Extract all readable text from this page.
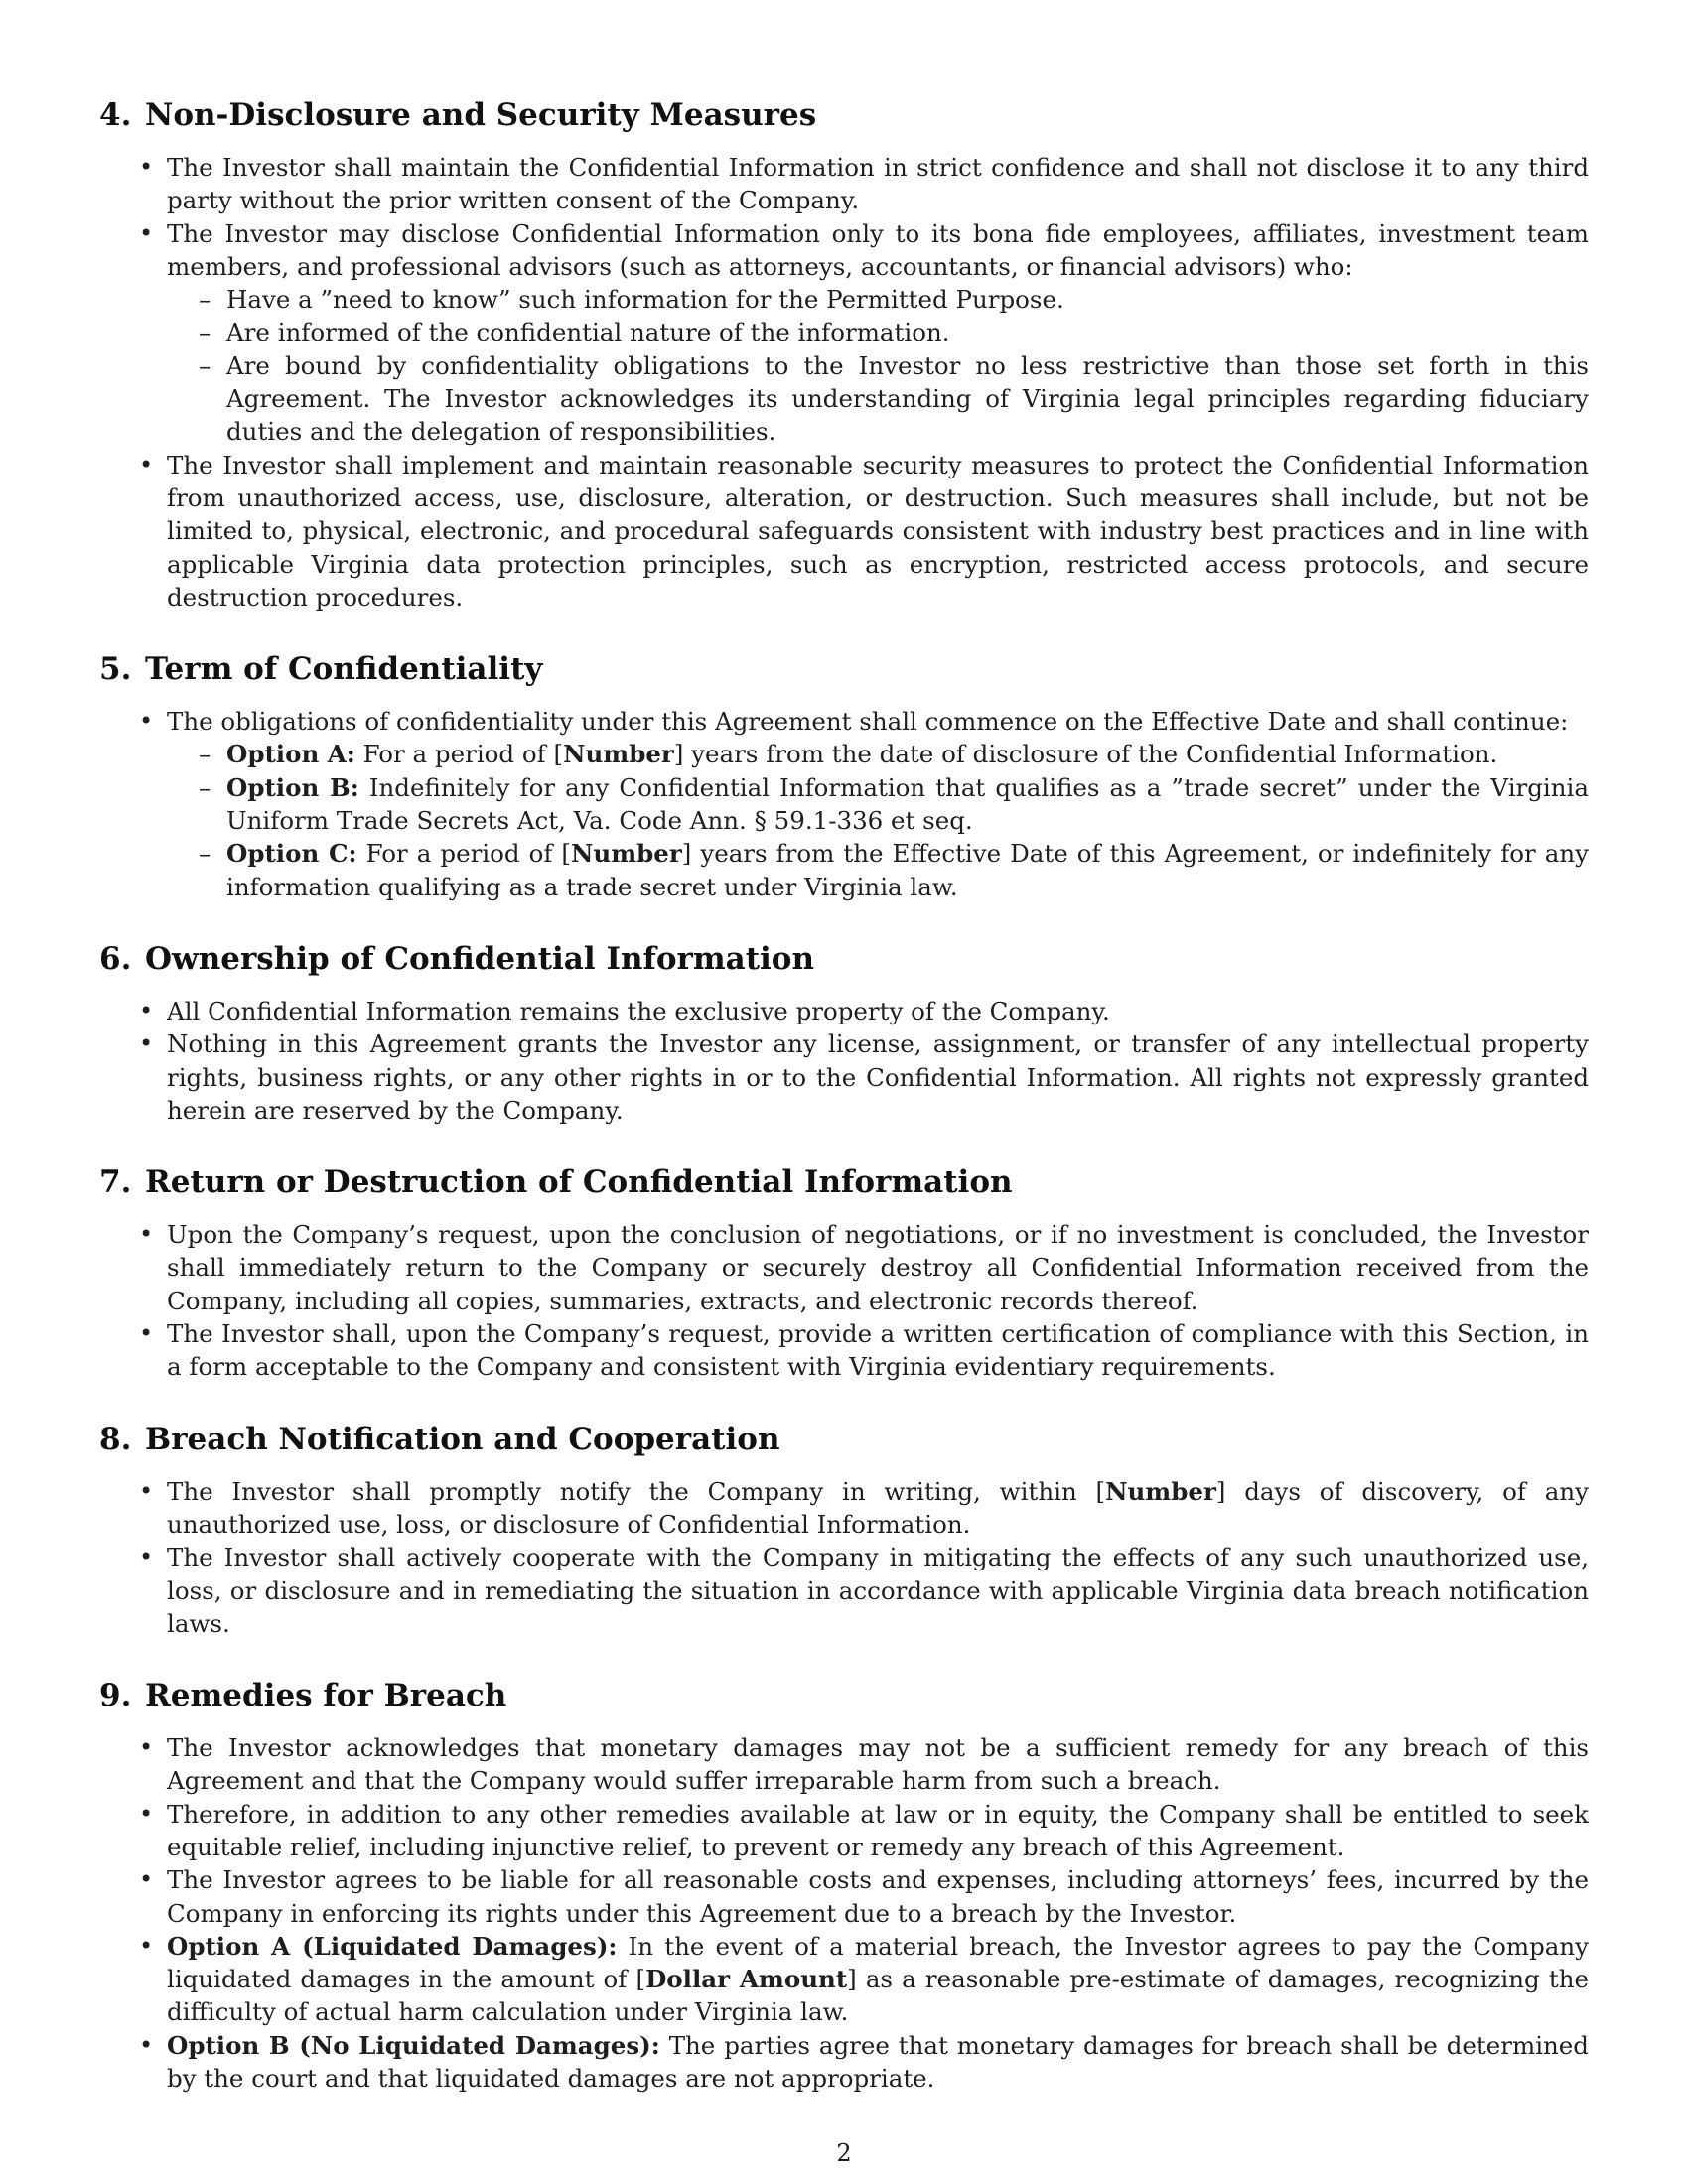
4. Non-Disclosure and Security Measures
• The Investor shall maintain the Confidential Information in strict confidence and shall not disclose it to any third party without the prior written consent of the Company.
• The Investor may disclose Confidential Information only to its bona fide employees, affiliates, investment team members, and professional advisors (such as attorneys, accountants, or financial advisors) who:
– Have a ”need to know” such information for the Permitted Purpose.
– Are informed of the confidential nature of the information.
– Are bound by confidentiality obligations to the Investor no less restrictive than those set forth in this Agreement. The Investor acknowledges its understanding of Virginia legal principles regarding fiduciary duties and the delegation of responsibilities.
• The Investor shall implement and maintain reasonable security measures to protect the Confidential Information from unauthorized access, use, disclosure, alteration, or destruction. Such measures shall include, but not be limited to, physical, electronic, and procedural safeguards consistent with industry best practices and in line with applicable Virginia data protection principles, such as encryption, restricted access protocols, and secure destruction procedures.
5. Term of Confidentiality
• The obligations of confidentiality under this Agreement shall commence on the Effective Date and shall continue:
– Option A: For a period of [Number] years from the date of disclosure of the Confidential Information.
– Option B: Indefinitely for any Confidential Information that qualifies as a ”trade secret” under the Virginia Uniform Trade Secrets Act, Va. Code Ann. § 59.1-336 et seq.
– Option C: For a period of [Number] years from the Effective Date of this Agreement, or indefinitely for any information qualifying as a trade secret under Virginia law.
6. Ownership of Confidential Information
• All Confidential Information remains the exclusive property of the Company.
• Nothing in this Agreement grants the Investor any license, assignment, or transfer of any intellectual property rights, business rights, or any other rights in or to the Confidential Information. All rights not expressly granted herein are reserved by the Company.
7. Return or Destruction of Confidential Information
• Upon the Company’s request, upon the conclusion of negotiations, or if no investment is concluded, the Investor shall immediately return to the Company or securely destroy all Confidential Information received from the Company, including all copies, summaries, extracts, and electronic records thereof.
• The Investor shall, upon the Company’s request, provide a written certification of compliance with this Section, in a form acceptable to the Company and consistent with Virginia evidentiary requirements.
8. Breach Notification and Cooperation
• The Investor shall promptly notify the Company in writing, within [Number] days of discovery, of any unauthorized use, loss, or disclosure of Confidential Information.
• The Investor shall actively cooperate with the Company in mitigating the effects of any such unauthorized use, loss, or disclosure and in remediating the situation in accordance with applicable Virginia data breach notification laws.
9. Remedies for Breach
• The Investor acknowledges that monetary damages may not be a sufficient remedy for any breach of this Agreement and that the Company would suffer irreparable harm from such a breach.
• Therefore, in addition to any other remedies available at law or in equity, the Company shall be entitled to seek equitable relief, including injunctive relief, to prevent or remedy any breach of this Agreement.
• The Investor agrees to be liable for all reasonable costs and expenses, including attorneys’ fees, incurred by the Company in enforcing its rights under this Agreement due to a breach by the Investor.
• Option A (Liquidated Damages): In the event of a material breach, the Investor agrees to pay the Company liquidated damages in the amount of [Dollar Amount] as a reasonable pre-estimate of damages, recognizing the difficulty of actual harm calculation under Virginia law.
• Option B (No Liquidated Damages): The parties agree that monetary damages for breach shall be determined by the court and that liquidated damages are not appropriate.
2
